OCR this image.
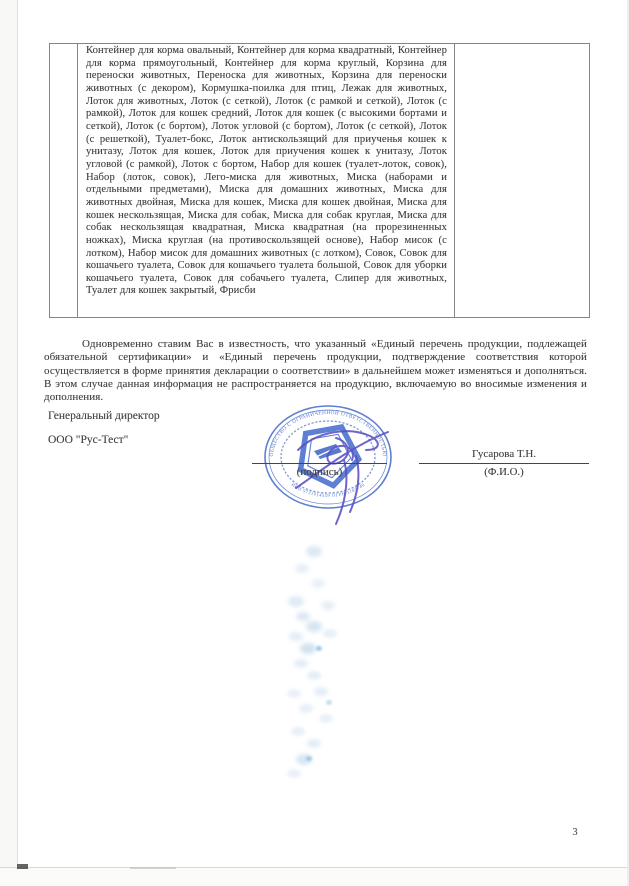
	Контейнер для корма овальный, Контейнер для корма квадратный, Контейнер для корма прямоугольный, Контейнер для корма круглый, Корзина для переноски животных, Переноска для животных, Корзина для переноски животных (с декором), Кормушка-поилка для птиц, Лежак для животных, Лоток для животных, Лоток (с сеткой), Лоток (с рамкой и сеткой), Лоток (с рамкой), Лоток для кошек средний, Лоток для кошек (с высокими бортами и сеткой), Лоток (с бортом), Лоток угловой (с бортом), Лоток (с сеткой), Лоток (с решеткой), Туалет-бокс, Лоток антискользящий для приученья кошек к унитазу, Лоток для кошек, Лоток для приучения кошек к унитазу, Лоток угловой (с рамкой), Лоток с бортом, Набор для кошек (туалет-лоток, совок), Набор (лоток, совок), Лего-миска для животных, Миска (наборами и отдельными предметами), Миска для домашних животных, Миска для животных двойная, Миска для кошек, Миска для кошек двойная, Миска для кошек нескользящая, Миска для собак, Миска для собак круглая, Миска для собак нескользящая квадратная, Миска квадратная (на прорезиненных ножках), Миска круглая (на противоскользящей основе), Набор мисок (с лотком), Набор мисок для домашних животных (с лотком), Совок, Совок для кошачьего туалета, Совок для кошачьего туалета большой, Совок для уборки кошачьего туалета, Совок для собачьего туалета, Слипер для животных, Туалет для кошек закрытый, Фрисби	

Одновременно ставим Вас в известность, что указанный «Единый перечень продукции, подлежащей обязательной сертификации» и «Единый перечень продукции, подтверждение соответствия которой осуществляется в форме принятия декларации о соответствии» в дальнейшем может изменяться и дополняться. В этом случае данная информация не распространяется на продукцию, включаемую во вносимые изменения и дополнения.

Генеральный директор
ООО "Рус-Тест"
ОБЩЕСТВО С ОГРАНИЧЕННОЙ ОТВЕТСТВЕННОСТЬЮ
ИНН 9731014559 ОГРН 1187746
(подпись)
Гусарова Т.Н.
(Ф.И.О.)
3
